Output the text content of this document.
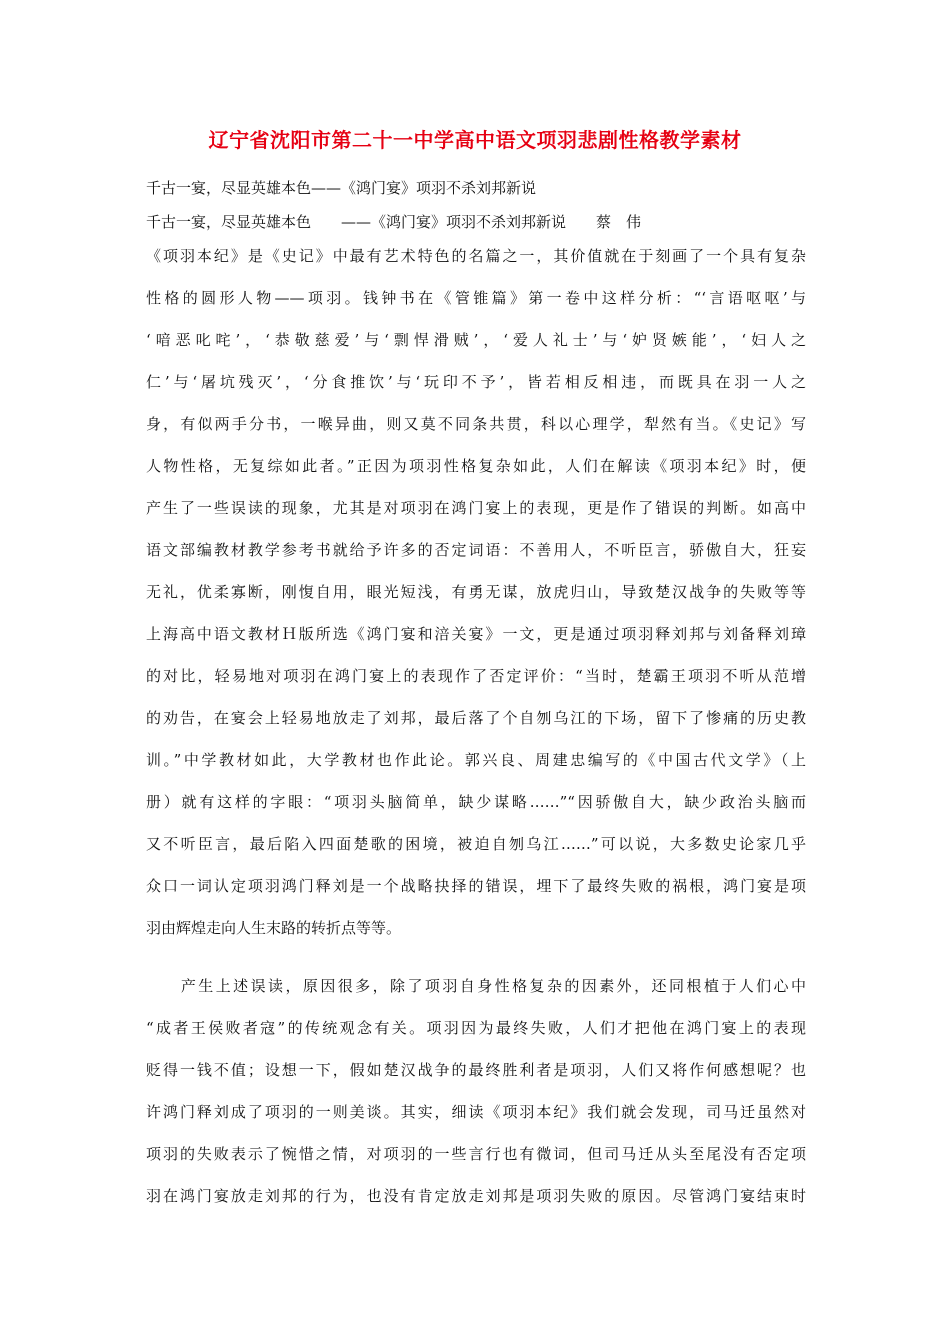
辽宁省沈阳市第二十一中学高中语文项羽悲剧性格教学素材

千古一宴，尽显英雄本色——《鸿门宴》项羽不杀刘邦新说

千古一宴，尽显英雄本色　　——《鸿门宴》项羽不杀刘邦新说　　蔡　伟

《项羽本纪》是《史记》中最有艺术特色的名篇之一，其价值就在于刻画了一个具有复杂

性格的圆形人物——项羽。钱钟书在《管锥篇》第一卷中这样分析：“‘言语呕呕’与

‘喑恶叱咤’，‘恭敬慈爱’与‘剽悍滑贼’，‘爱人礼士’与‘妒贤嫉能’，‘妇人之

仁’与‘屠坑残灭’，‘分食推饮’与‘玩印不予’，皆若相反相违，而既具在羽一人之

身，有似两手分书，一喉异曲，则又莫不同条共贯，科以心理学，犁然有当。《史记》写

人物性格，无复综如此者。”正因为项羽性格复杂如此，人们在解读《项羽本纪》时，便

产生了一些误读的现象，尤其是对项羽在鸿门宴上的表现，更是作了错误的判断。如高中

语文部编教材教学参考书就给予许多的否定词语：不善用人，不听臣言，骄傲自大，狂妄

无礼，优柔寡断，刚愎自用，眼光短浅，有勇无谋，放虎归山，导致楚汉战争的失败等等

上海高中语文教材Ｈ版所选《鸿门宴和涪关宴》一文，更是通过项羽释刘邦与刘备释刘璋

的对比，轻易地对项羽在鸿门宴上的表现作了否定评价：“当时，楚霸王项羽不听从范增

的劝告，在宴会上轻易地放走了刘邦，最后落了个自刎乌江的下场，留下了惨痛的历史教

训。”中学教材如此，大学教材也作此论。郭兴良、周建忠编写的《中国古代文学》（上

册）就有这样的字眼：“项羽头脑简单，缺少谋略……”“因骄傲自大，缺少政治头脑而

又不听臣言，最后陷入四面楚歌的困境，被迫自刎乌江……”可以说，大多数史论家几乎

众口一词认定项羽鸿门释刘是一个战略抉择的错误，埋下了最终失败的祸根，鸿门宴是项

羽由辉煌走向人生末路的转折点等等。

　　产生上述误读，原因很多，除了项羽自身性格复杂的因素外，还同根植于人们心中

“成者王侯败者寇”的传统观念有关。项羽因为最终失败，人们才把他在鸿门宴上的表现

贬得一钱不值；设想一下，假如楚汉战争的最终胜利者是项羽，人们又将作何感想呢？也

许鸿门释刘成了项羽的一则美谈。其实，细读《项羽本纪》我们就会发现，司马迁虽然对

项羽的失败表示了惋惜之情，对项羽的一些言行也有微词，但司马迁从头至尾没有否定项

羽在鸿门宴放走刘邦的行为，也没有肯定放走刘邦是项羽失败的原因。尽管鸿门宴结束时
